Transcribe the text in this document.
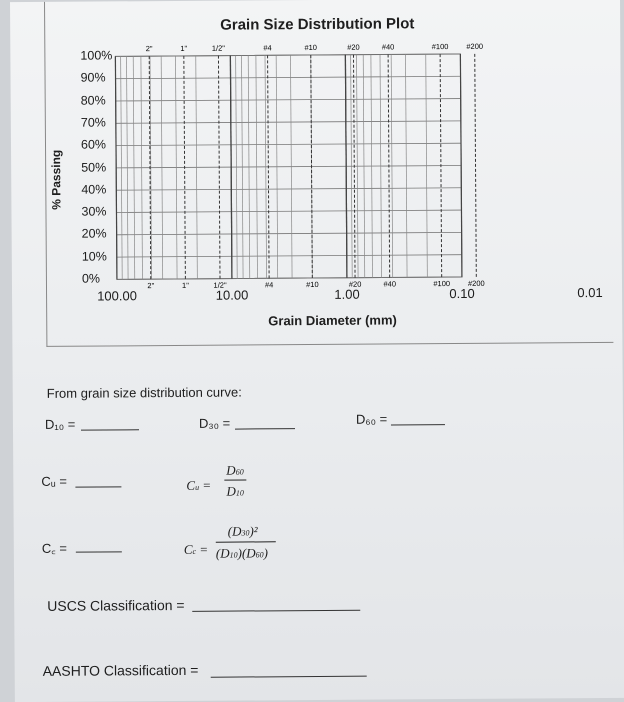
Grain Size Distribution Plot
% Passing
Grain Diameter (mm)
100%
90%
80%
70%
60%
50%
40%
30%
20%
10%
0%
100.00	10.00	1.00	0.10	0.01
2"
2"
1"
1"
1/2"
1/2"
#4
#4
#10
#10
#20
#20
#40
#40
#100
#100
#200
#200
From grain size distribution curve:
D₁₀ =	D₃₀ =	D₆₀ =
Cᵤ =	Cu =
D60
D10
C꜀ =	Cc =
(D30)²
(D10)(D60)
USCS Classification =
AASHTO Classification =
